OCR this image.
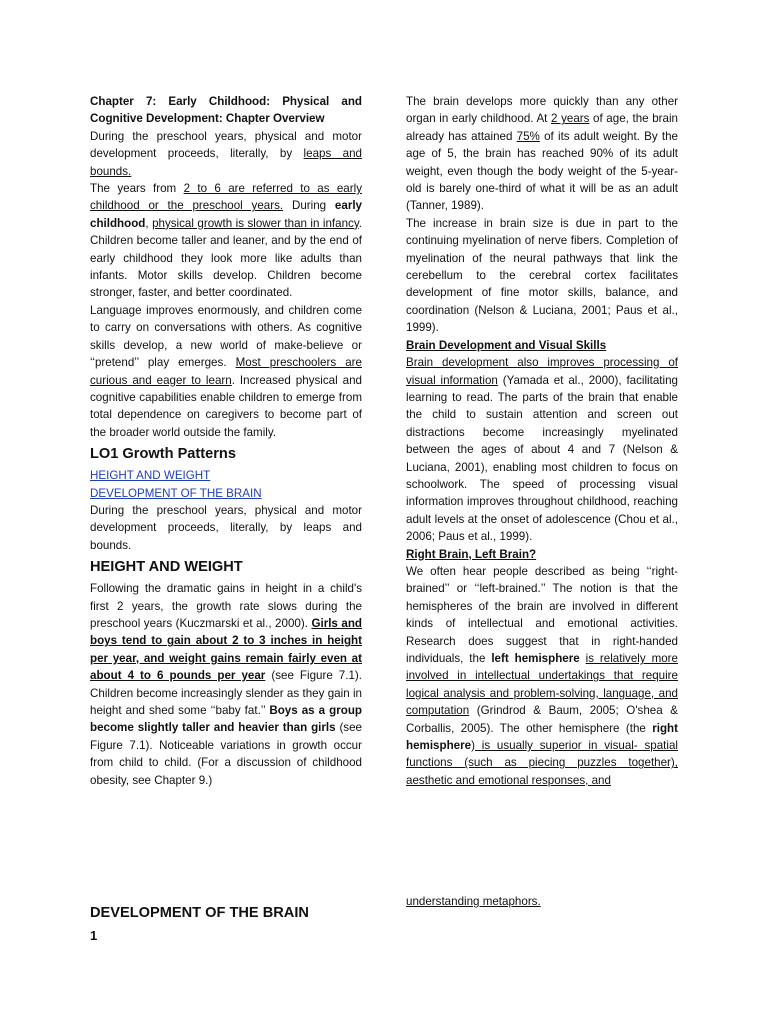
Chapter 7: Early Childhood: Physical and Cognitive Development: Chapter Overview

During the preschool years, physical and motor development proceeds, literally, by leaps and bounds.

The years from 2 to 6 are referred to as early childhood or the preschool years. During early childhood, physical growth is slower than in infancy. Children become taller and leaner, and by the end of early childhood they look more like adults than infants. Motor skills develop. Children become stronger, faster, and better coordinated.

Language improves enormously, and children come to carry on conversations with others. As cognitive skills develop, a new world of make-believe or ‘‘pretend’’ play emerges. Most preschoolers are curious and eager to learn. Increased physical and cognitive capabilities enable children to emerge from total dependence on caregivers to become part of the broader world outside the family.

LO1 Growth Patterns
HEIGHT AND WEIGHT
DEVELOPMENT OF THE BRAIN

During the preschool years, physical and motor development proceeds, literally, by leaps and bounds.

HEIGHT AND WEIGHT

Following the dramatic gains in height in a child's first 2 years, the growth rate slows during the preschool years (Kuczmarski et al., 2000). Girls and boys tend to gain about 2 to 3 inches in height per year, and weight gains remain fairly even at about 4 to 6 pounds per year (see Figure 7.1). Children become increasingly slender as they gain in height and shed some ‘‘baby fat.’’ Boys as a group become slightly taller and heavier than girls (see Figure 7.1). Noticeable variations in growth occur from child to child. (For a discussion of childhood obesity, see Chapter 9.)

The brain develops more quickly than any other organ in early childhood. At 2 years of age, the brain already has attained 75% of its adult weight. By the age of 5, the brain has reached 90% of its adult weight, even though the body weight of the 5-year-old is barely one-third of what it will be as an adult (Tanner, 1989).

The increase in brain size is due in part to the continuing myelination of nerve fibers. Completion of myelination of the neural pathways that link the cerebellum to the cerebral cortex facilitates development of fine motor skills, balance, and coordination (Nelson & Luciana, 2001; Paus et al., 1999).

Brain Development and Visual Skills

Brain development also improves processing of visual information (Yamada et al., 2000), facilitating learning to read. The parts of the brain that enable the child to sustain attention and screen out distractions become increasingly myelinated between the ages of about 4 and 7 (Nelson & Luciana, 2001), enabling most children to focus on schoolwork. The speed of processing visual information improves throughout childhood, reaching adult levels at the onset of adolescence (Chou et al., 2006; Paus et al., 1999).

Right Brain, Left Brain?

We often hear people described as being ‘‘right-brained’’ or ‘‘left-brained.’’ The notion is that the hemispheres of the brain are involved in different kinds of intellectual and emotional activities. Research does suggest that in right-handed individuals, the left hemisphere is relatively more involved in intellectual undertakings that require logical analysis and problem-solving, language, and computation (Grindrod & Baum, 2005; O'shea & Corballis, 2005). The other hemisphere (the right hemisphere) is usually superior in visual- spatial functions (such as piecing puzzles together), aesthetic and emotional responses, and

understanding metaphors.
DEVELOPMENT OF THE BRAIN
1
